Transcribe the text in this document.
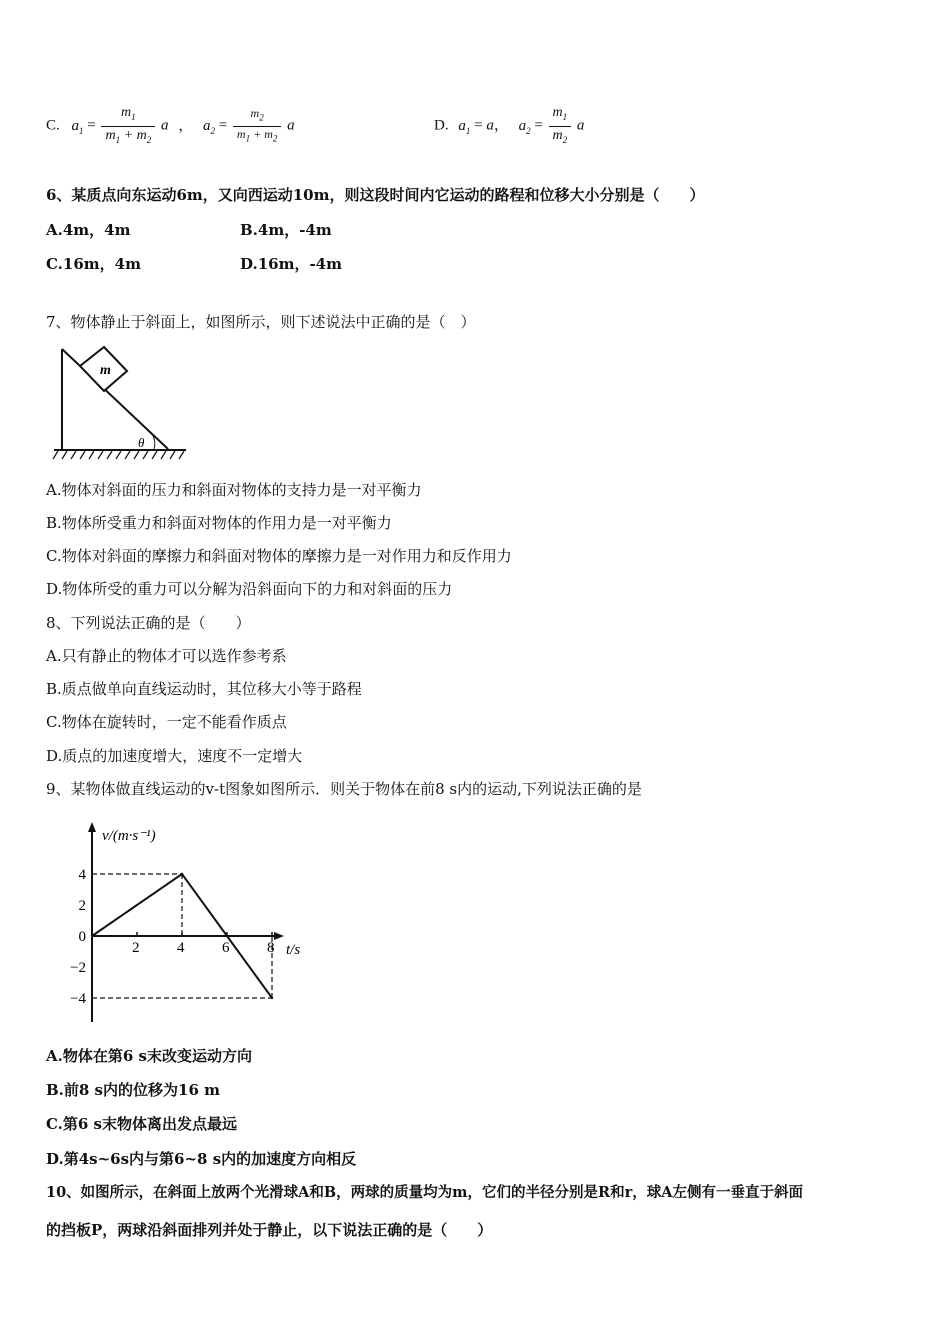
C. $a_1 = \frac{m_1}{m_1 + m_2}$ a ， $a_2 = \frac{m_2}{m_1 + m_2}$ a	D. $a_1 = a$， $a_2 = \frac{m_1}{m_2}$ a
6、某质点向东运动6m，又向西运动10m，则这段时间内它运动的路程和位移大小分别是（　　）
A.4m，4m	B.4m，-4m
C.16m，4m	D.16m，-4m
7、物体静止于斜面上，如图所示，则下述说法中正确的是（　）
m
θ
A.物体对斜面的压力和斜面对物体的支持力是一对平衡力
B.物体所受重力和斜面对物体的作用力是一对平衡力
C.物体对斜面的摩擦力和斜面对物体的摩擦力是一对作用力和反作用力
D.物体所受的重力可以分解为沿斜面向下的力和对斜面的压力
8、下列说法正确的是（　　）
A.只有静止的物体才可以选作参考系
B.质点做单向直线运动时，其位移大小等于路程
C.物体在旋转时，一定不能看作质点
D.质点的加速度增大，速度不一定增大
9、某物体做直线运动的v-t图象如图所示．则关于物体在前8 s内的运动,下列说法正确的是
2	4	6	8
4
2
0
−2
−4
v/(m·s⁻¹)
t/s
A.物体在第6 s末改变运动方向
B.前8 s内的位移为16 m
C.第6 s末物体离出发点最远
D.第4s~6s内与第6~8 s内的加速度方向相反
10、如图所示，在斜面上放两个光滑球A和B，两球的质量均为m，它们的半径分别是R和r，球A左侧有一垂直于斜面
的挡板P，两球沿斜面排列并处于静止，以下说法正确的是（　　）
